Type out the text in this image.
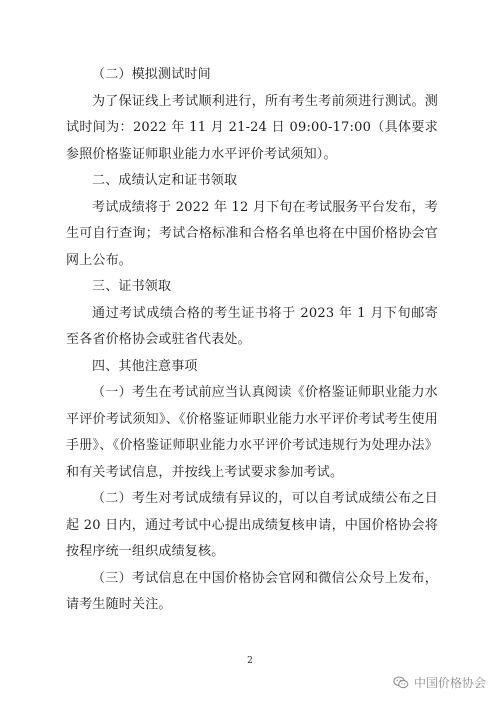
（二）模拟测试时间

为了保证线上考试顺利进行，所有考生考前须进行测试。测试时间为：2022 年 11 月 21-24 日 09:00-17:00（具体要求参照价格鉴证师职业能力水平评价考试须知）。

二、成绩认定和证书领取

考试成绩将于 2022 年 12 月下旬在考试服务平台发布，考生可自行查询；考试合格标准和合格名单也将在中国价格协会官网上公布。

三、证书领取

通过考试成绩合格的考生证书将于 2023 年 1 月下旬邮寄至各省价格协会或驻省代表处。

四、其他注意事项

（一）考生在考试前应当认真阅读《价格鉴证师职业能力水平评价考试须知》、《价格鉴证师职业能力水平评价考试考生使用手册》、《价格鉴证师职业能力水平评价考试违规行为处理办法》和有关考试信息，并按线上考试要求参加考试。

（二）考生对考试成绩有异议的，可以自考试成绩公布之日起 20 日内，通过考试中心提出成绩复核申请，中国价格协会将按程序统一组织成绩复核。

（三）考试信息在中国价格协会官网和微信公众号上发布，请考生随时关注。

2
中国价格协会
